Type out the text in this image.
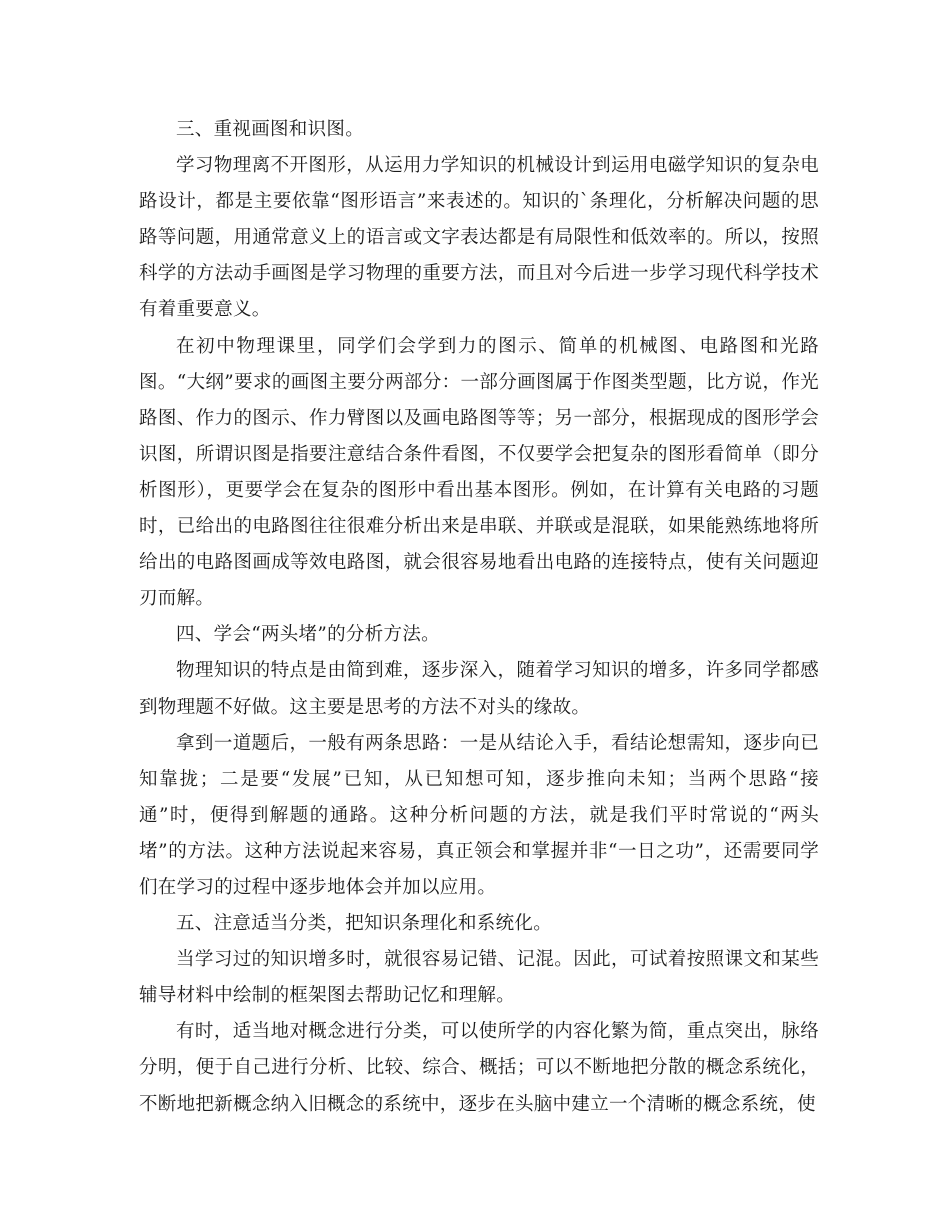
三、重视画图和识图。

学习物理离不开图形，从运用力学知识的机械设计到运用电磁学知识的复杂电路设计，都是主要依靠“图形语言”来表述的。知识的`条理化，分析解决问题的思路等问题，用通常意义上的语言或文字表达都是有局限性和低效率的。所以，按照科学的方法动手画图是学习物理的重要方法，而且对今后进一步学习现代科学技术有着重要意义。

在初中物理课里，同学们会学到力的图示、简单的机械图、电路图和光路图。“大纲”要求的画图主要分两部分：一部分画图属于作图类型题，比方说，作光路图、作力的图示、作力臂图以及画电路图等等；另一部分，根据现成的图形学会识图，所谓识图是指要注意结合条件看图，不仅要学会把复杂的图形看简单（即分析图形），更要学会在复杂的图形中看出基本图形。例如，在计算有关电路的习题时，已给出的电路图往往很难分析出来是串联、并联或是混联，如果能熟练地将所给出的电路图画成等效电路图，就会很容易地看出电路的连接特点，使有关问题迎刃而解。

四、学会“两头堵”的分析方法。

物理知识的特点是由简到难，逐步深入，随着学习知识的增多，许多同学都感到物理题不好做。这主要是思考的方法不对头的缘故。

拿到一道题后，一般有两条思路：一是从结论入手，看结论想需知，逐步向已知靠拢；二是要“发展”已知，从已知想可知，逐步推向未知；当两个思路“接通”时，便得到解题的通路。这种分析问题的方法，就是我们平时常说的“两头堵”的方法。这种方法说起来容易，真正领会和掌握并非“一日之功”，还需要同学们在学习的过程中逐步地体会并加以应用。

五、注意适当分类，把知识条理化和系统化。

当学习过的知识增多时，就很容易记错、记混。因此，可试着按照课文和某些辅导材料中绘制的框架图去帮助记忆和理解。

有时，适当地对概念进行分类，可以使所学的内容化繁为简，重点突出，脉络分明，便于自己进行分析、比较、综合、概括；可以不断地把分散的概念系统化，不断地把新概念纳入旧概念的系统中，逐步在头脑中建立一个清晰的概念系统，使
